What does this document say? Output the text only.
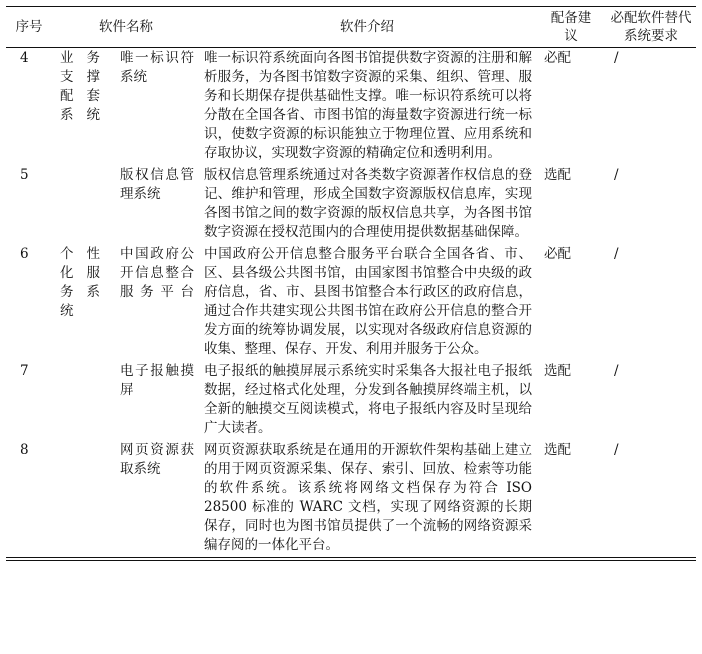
序号	软件名称		软件介绍	配备建议	必配软件替代系统要求
4	业务支撑配套系统	唯一标识符系统	唯一标识符系统面向各图书馆提供数字资源的注册和解析服务，为各图书馆数字资源的采集、组织、管理、服务和长期保存提供基础性支撑。唯一标识符系统可以将分散在全国各省、市图书馆的海量数字资源进行统一标识，使数字资源的标识能独立于物理位置、应用系统和存取协议，实现数字资源的精确定位和透明利用。	必配	/
5		版权信息管理系统	版权信息管理系统通过对各类数字资源著作权信息的登记、维护和管理，形成全国数字资源版权信息库，实现各图书馆之间的数字资源的版权信息共享，为各图书馆数字资源在授权范围内的合理使用提供数据基础保障。	选配	/
6	个性化服务系统	中国政府公开信息整合服务平台	中国政府公开信息整合服务平台联合全国各省、市、区、县各级公共图书馆，由国家图书馆整合中央级的政府信息，省、市、县图书馆整合本行政区的政府信息，通过合作共建实现公共图书馆在政府公开信息的整合开发方面的统筹协调发展，以实现对各级政府信息资源的收集、整理、保存、开发、利用并服务于公众。	必配	/
7		电子报触摸屏	电子报纸的触摸屏展示系统实时采集各大报社电子报纸数据，经过格式化处理，分发到各触摸屏终端主机，以全新的触摸交互阅读模式，将电子报纸内容及时呈现给广大读者。	选配	/
8		网页资源获取系统	网页资源获取系统是在通用的开源软件架构基础上建立的用于网页资源采集、保存、索引、回放、检索等功能的软件系统。该系统将网络文档保存为符合 ISO 28500 标准的 WARC 文档，实现了网络资源的长期保存，同时也为图书馆员提供了一个流畅的网络资源采编存阅的一体化平台。	选配	/
